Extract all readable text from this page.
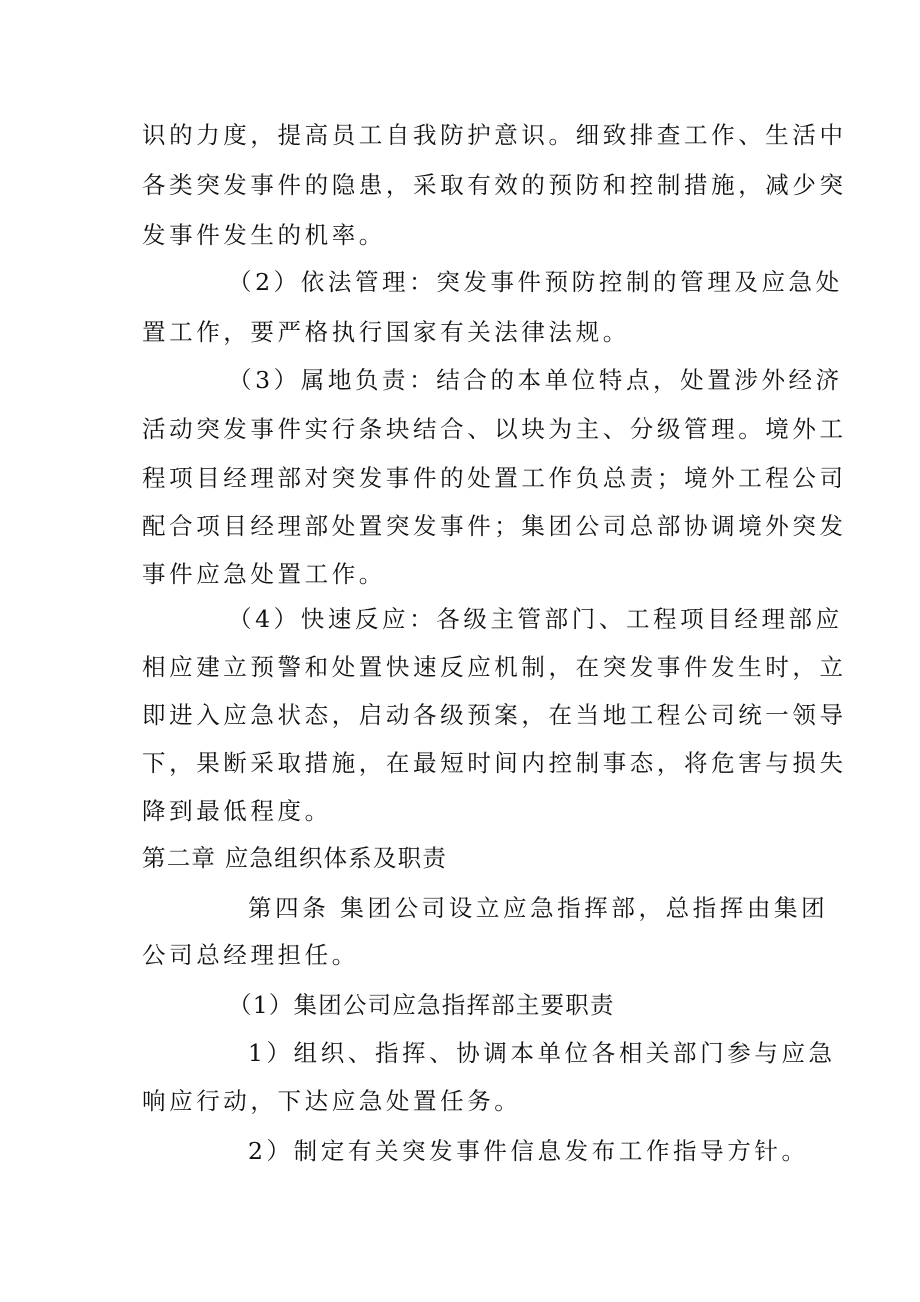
识的力度，提高员工自我防护意识。细致排查工作、生活中
各类突发事件的隐患，采取有效的预防和控制措施，减少突
发事件发生的机率。
（2）依法管理：突发事件预防控制的管理及应急处
置工作，要严格执行国家有关法律法规。
（3）属地负责：结合的本单位特点，处置涉外经济
活动突发事件实行条块结合、以块为主、分级管理。境外工
程项目经理部对突发事件的处置工作负总责；境外工程公司
配合项目经理部处置突发事件；集团公司总部协调境外突发
事件应急处置工作。
（4）快速反应：各级主管部门、工程项目经理部应
相应建立预警和处置快速反应机制，在突发事件发生时，立
即进入应急状态，启动各级预案，在当地工程公司统一领导
下，果断采取措施，在最短时间内控制事态，将危害与损失
降到最低程度。
第二章 应急组织体系及职责
第四条 集团公司设立应急指挥部，总指挥由集团
公司总经理担任。
（1）集团公司应急指挥部主要职责
1）组织、指挥、协调本单位各相关部门参与应急
响应行动，下达应急处置任务。
2）制定有关突发事件信息发布工作指导方针。
